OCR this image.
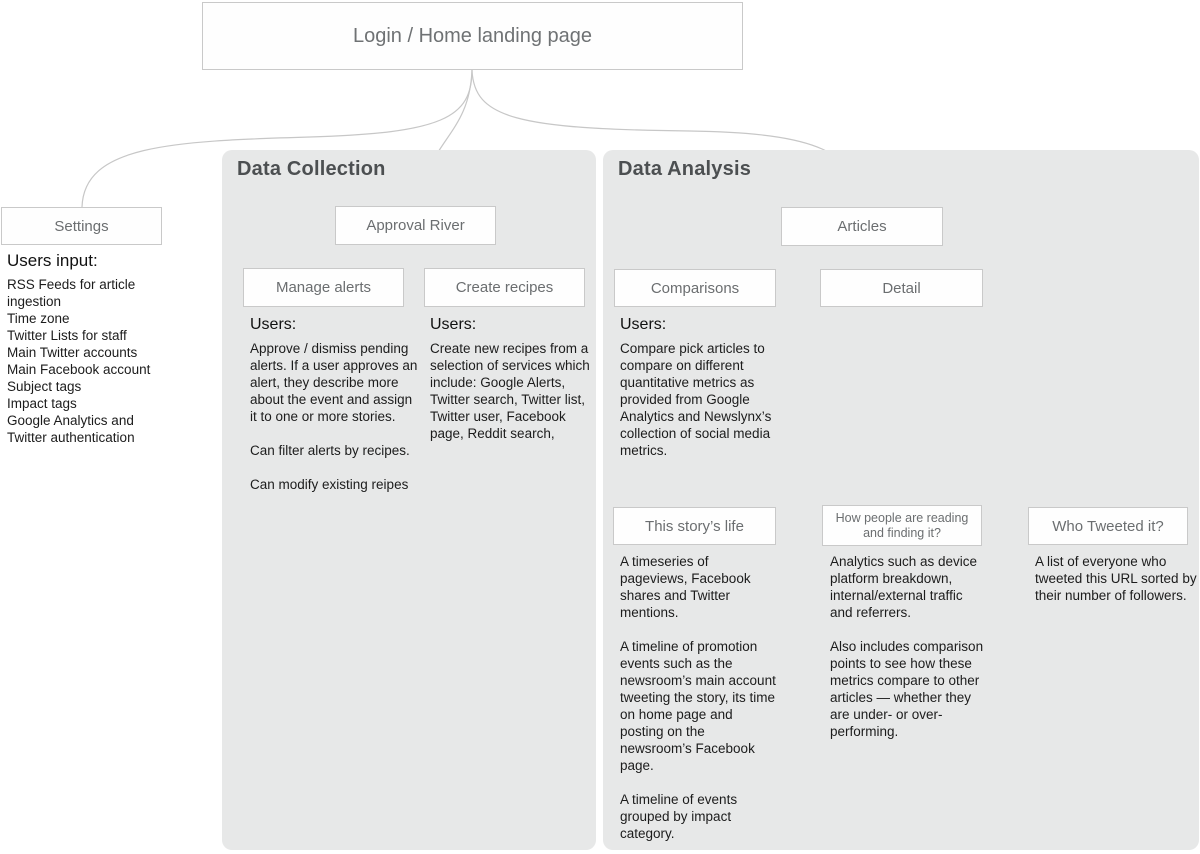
Data Collection	Data Analysis
Login / Home landing page
Settings
Users input:

RSS Feeds for article ingestion

Time zone

Twitter Lists for staff

Main Twitter accounts

Main Facebook account

Subject tags

Impact tags

Google Analytics and Twitter authentication

Approval River
Manage alerts	Create recipes
Users:

Approve / dismiss pending alerts. If a user approves an alert, they describe more about the event and assign it to one or more stories.

Can filter alerts by recipes.

Can modify existing reipes

Users:

Create new recipes from a selection of services which include: Google Alerts, Twitter search, Twitter list, Twitter user, Facebook page, Reddit search,

Articles
Comparisons	Detail
Users:

Compare pick articles to compare on different quantitative metrics as provided from Google Analytics and Newslynx’s collection of social media metrics.

This story’s life	How people are reading and finding it?	Who Tweeted it?

A timeseries of pageviews, Facebook shares and Twitter mentions.

A timeline of promotion events such as the newsroom’s main account tweeting the story, its time on home page and posting on the newsroom’s Facebook page.

A timeline of events grouped by impact category.

Analytics such as device platform breakdown, internal/external traffic and referrers.

Also includes comparison points to see how these metrics compare to other articles — whether they are under- or over-performing.

A list of everyone who tweeted this URL sorted by their number of followers.
